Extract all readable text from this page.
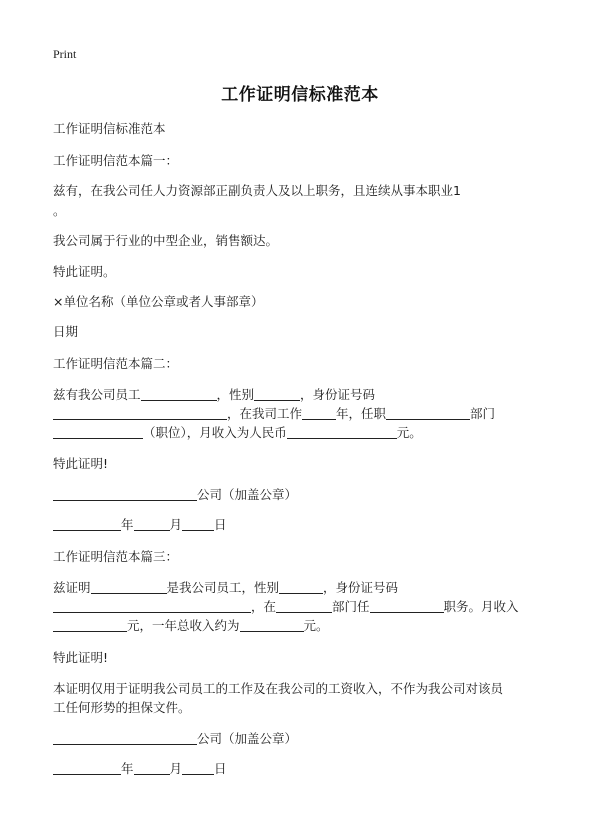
Print
工作证明信标准范本
工作证明信标准范本
工作证明信范本篇一：
兹有，在我公司任人力资源部正副负责人及以上职务，且连续从事本职业1
。
我公司属于行业的中型企业，销售额达。
特此证明。
×单位名称（单位公章或者人事部章）
日期
工作证明信范本篇二：
兹有我公司员工	，性别	，身份证号码
，在我司工作	年，任职	部门
（职位），月收入为人民币	元。
特此证明!
公司（加盖公章）
年	月	日
工作证明信范本篇三：
兹证明	是我公司员工，性别	，身份证号码
，在	部门任	职务。月收入
元，一年总收入约为	元。
特此证明!
本证明仅用于证明我公司员工的工作及在我公司的工资收入，不作为我公司对该员
工任何形势的担保文件。
公司（加盖公章）
年	月	日
